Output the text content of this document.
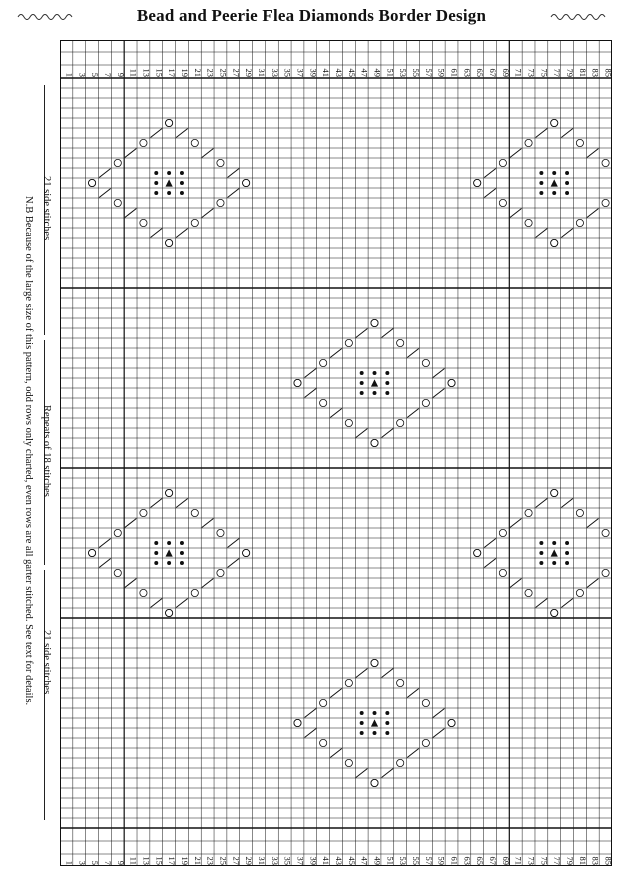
Bead and Peerie Flea Diamonds Border Design
21 side stitches
Repeats of 18 stitches
21 side stitches
N.B Because of the large size of this pattern, odd rows only charted, even rows are all garter stitched. See text for details.
1
1
3
3
5
5
7
7
9
9
11
11
13
13
15
15
17
17
19
19
21
21
23
23
25
25
27
27
29
29
31
31
33
33
35
35
37
37
39
39
41
41
43
43
45
45
47
47
49
49
51
51
53
53
55
55
57
57
59
59
61
61
63
63
65
65
67
67
69
69
71
71
73
73
75
75
77
77
79
79
81
81
83
83
85
85
